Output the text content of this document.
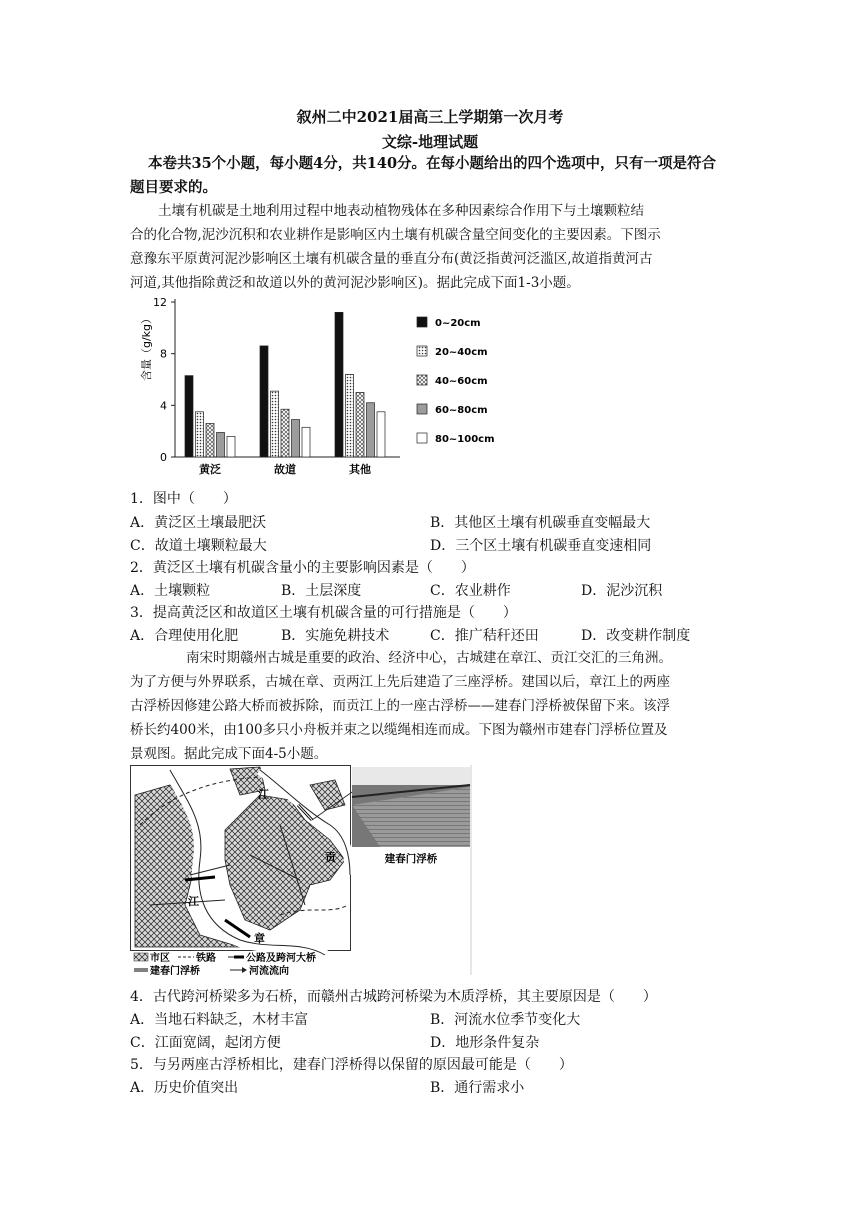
叙州二中2021届高三上学期第一次月考
文综-地理试题
本卷共35个小题，每小题4分，共140分。在每小题给出的四个选项中，只有一项是符合题目要求的。
土壤有机碳是土地利用过程中地表动植物残体在多种因素综合作用下与土壤颗粒结
合的化合物,泥沙沉积和农业耕作是影响区内土壤有机碳含量空间变化的主要因素。下图示
意豫东平原黄河泥沙影响区土壤有机碳含量的垂直分布(黄泛指黄河泛滥区,故道指黄河古
河道,其他指除黄泛和故道以外的黄河泥沙影响区)。据此完成下面1-3小题。
0
4
8
12
黄泛	故道	其他
0~20cm
20~40cm
40~60cm
60~80cm
80~100cm
含量（g/kg）
1．图中（　　）
A．黄泛区土壤最肥沃	B．其他区土壤有机碳垂直变幅最大
C．故道土壤颗粒最大	D．三个区土壤有机碳垂直变速相同
2．黄泛区土壤有机碳含量小的主要影响因素是（　　）
A．土壤颗粒	B．土层深度	C．农业耕作	D．泥沙沉积
3．提高黄泛区和故道区土壤有机碳含量的可行措施是（　　）
A．合理使用化肥	B．实施免耕技术	C．推广秸秆还田	D．改变耕作制度
南宋时期赣州古城是重要的政治、经济中心，古城建在章江、贡江交汇的三角洲。
为了方便与外界联系，古城在章、贡两江上先后建造了三座浮桥。建国以后，章江上的两座
古浮桥因修建公路大桥而被拆除，而贡江上的一座古浮桥——建春门浮桥被保留下来。该浮
桥长约400米，由100多只小舟板并束之以缆绳相连而成。下图为赣州市建春门浮桥位置及
景观图。据此完成下面4-5小题。
江
贡
江
章
建春门浮桥
市区	铁路	公路及跨河大桥
建春门浮桥	河流流向
4．古代跨河桥梁多为石桥，而赣州古城跨河桥梁为木质浮桥，其主要原因是（　　）
A．当地石料缺乏，木材丰富	B．河流水位季节变化大
C．江面宽阔，起闭方便	D．地形条件复杂
5．与另两座古浮桥相比，建春门浮桥得以保留的原因最可能是（　　）
A．历史价值突出	B．通行需求小
